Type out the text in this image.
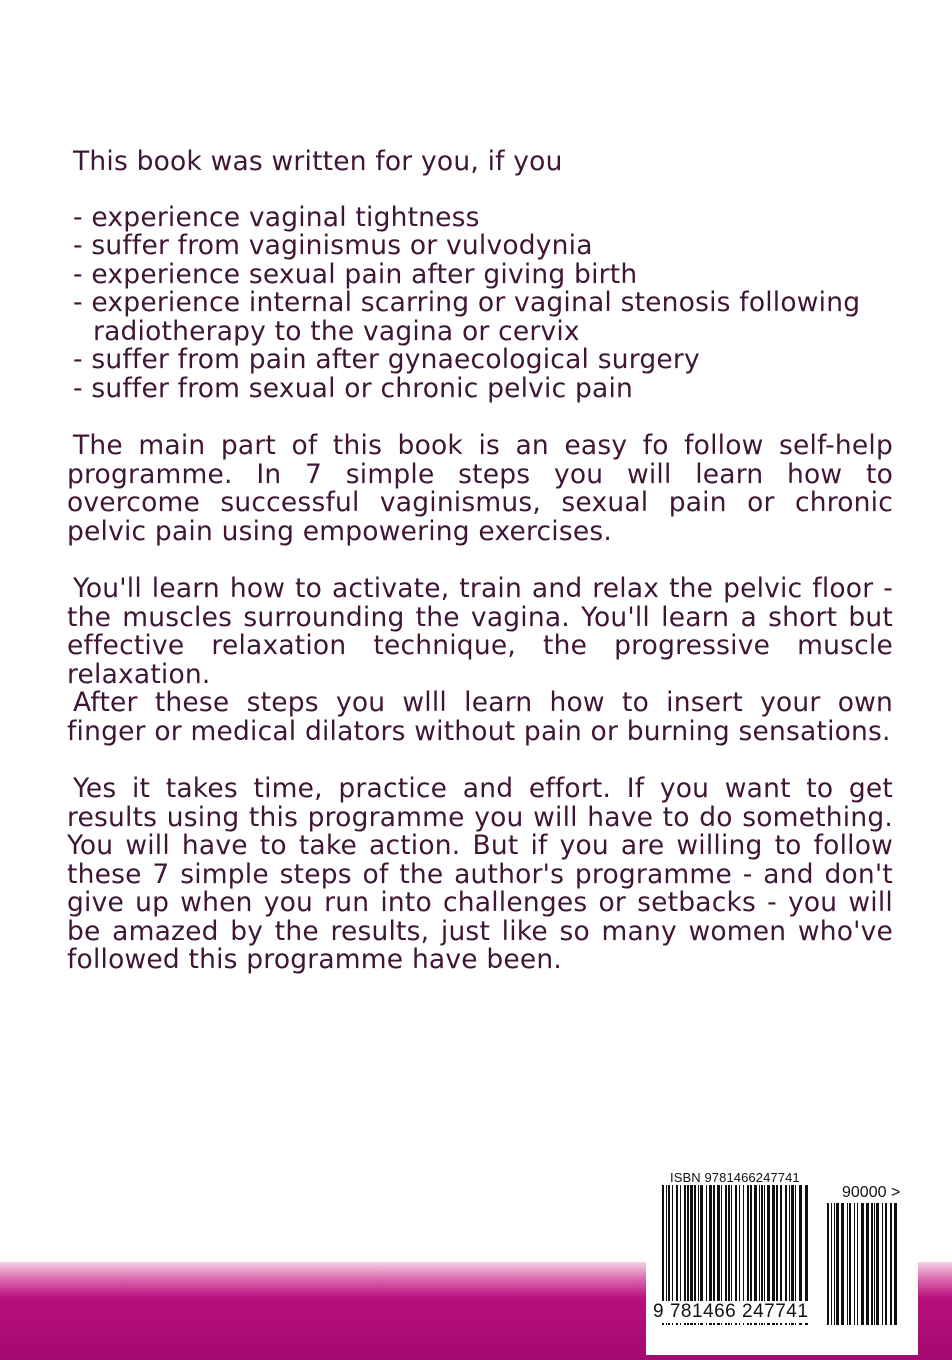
This book was written for you, if you
- experience vaginal tightness
- suffer from vaginismus or vulvodynia
- experience sexual pain after giving birth
- experience internal scarring or vaginal stenosis following radiotherapy to the vagina or cervix
- suffer from pain after gynaecological surgery
- suffer from sexual or chronic pelvic pain

The main part of this book is an easy fo follow self-help programme. In 7 simple steps you will learn how to overcome successful vaginismus, sexual pain or chronic pelvic pain using empowering exercises.

You'll learn how to activate, train and relax the pelvic floor - the muscles surrounding the vagina. You'll learn a short but effective relaxation technique, the progressive muscle relaxation.

After these steps you wlll learn how to insert your own finger or medical dilators without pain or burning sensations.

Yes it takes time, practice and effort. If you want to get results using this programme you will have to do something. You will have to take action. But if you are willing to follow these 7 simple steps of the author's programme - and don't give up when you run into challenges or setbacks - you will be amazed by the results, just like so many women who've followed this programme have been.

ISBN 9781466247741
90000 >
9 781466 247741
